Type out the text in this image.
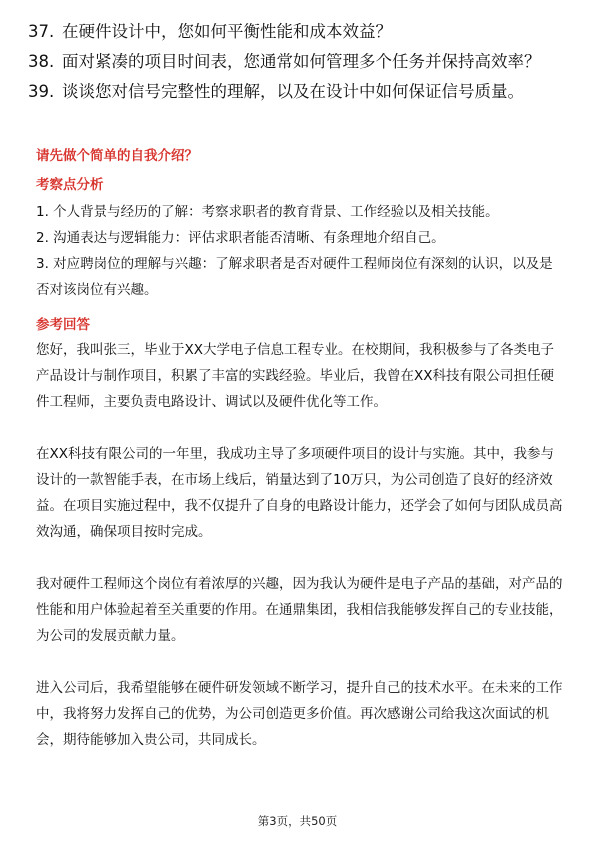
37. 在硬件设计中，您如何平衡性能和成本效益？
38. 面对紧凑的项目时间表，您通常如何管理多个任务并保持高效率？
39. 谈谈您对信号完整性的理解，以及在设计中如何保证信号质量。
请先做个简单的自我介绍？
考察点分析
1. 个人背景与经历的了解：考察求职者的教育背景、工作经验以及相关技能。
2. 沟通表达与逻辑能力：评估求职者能否清晰、有条理地介绍自己。
3. 对应聘岗位的理解与兴趣：了解求职者是否对硬件工程师岗位有深刻的认识，以及是否对该岗位有兴趣。
参考回答
您好，我叫张三，毕业于XX大学电子信息工程专业。在校期间，我积极参与了各类电子产品设计与制作项目，积累了丰富的实践经验。毕业后，我曾在XX科技有限公司担任硬件工程师，主要负责电路设计、调试以及硬件优化等工作。
在XX科技有限公司的一年里，我成功主导了多项硬件项目的设计与实施。其中，我参与设计的一款智能手表，在市场上线后，销量达到了10万只，为公司创造了良好的经济效益。在项目实施过程中，我不仅提升了自身的电路设计能力，还学会了如何与团队成员高效沟通，确保项目按时完成。
我对硬件工程师这个岗位有着浓厚的兴趣，因为我认为硬件是电子产品的基础，对产品的性能和用户体验起着至关重要的作用。在通鼎集团，我相信我能够发挥自己的专业技能，为公司的发展贡献力量。
进入公司后，我希望能够在硬件研发领域不断学习，提升自己的技术水平。在未来的工作中，我将努力发挥自己的优势，为公司创造更多价值。再次感谢公司给我这次面试的机会，期待能够加入贵公司，共同成长。
第3页，共50页
